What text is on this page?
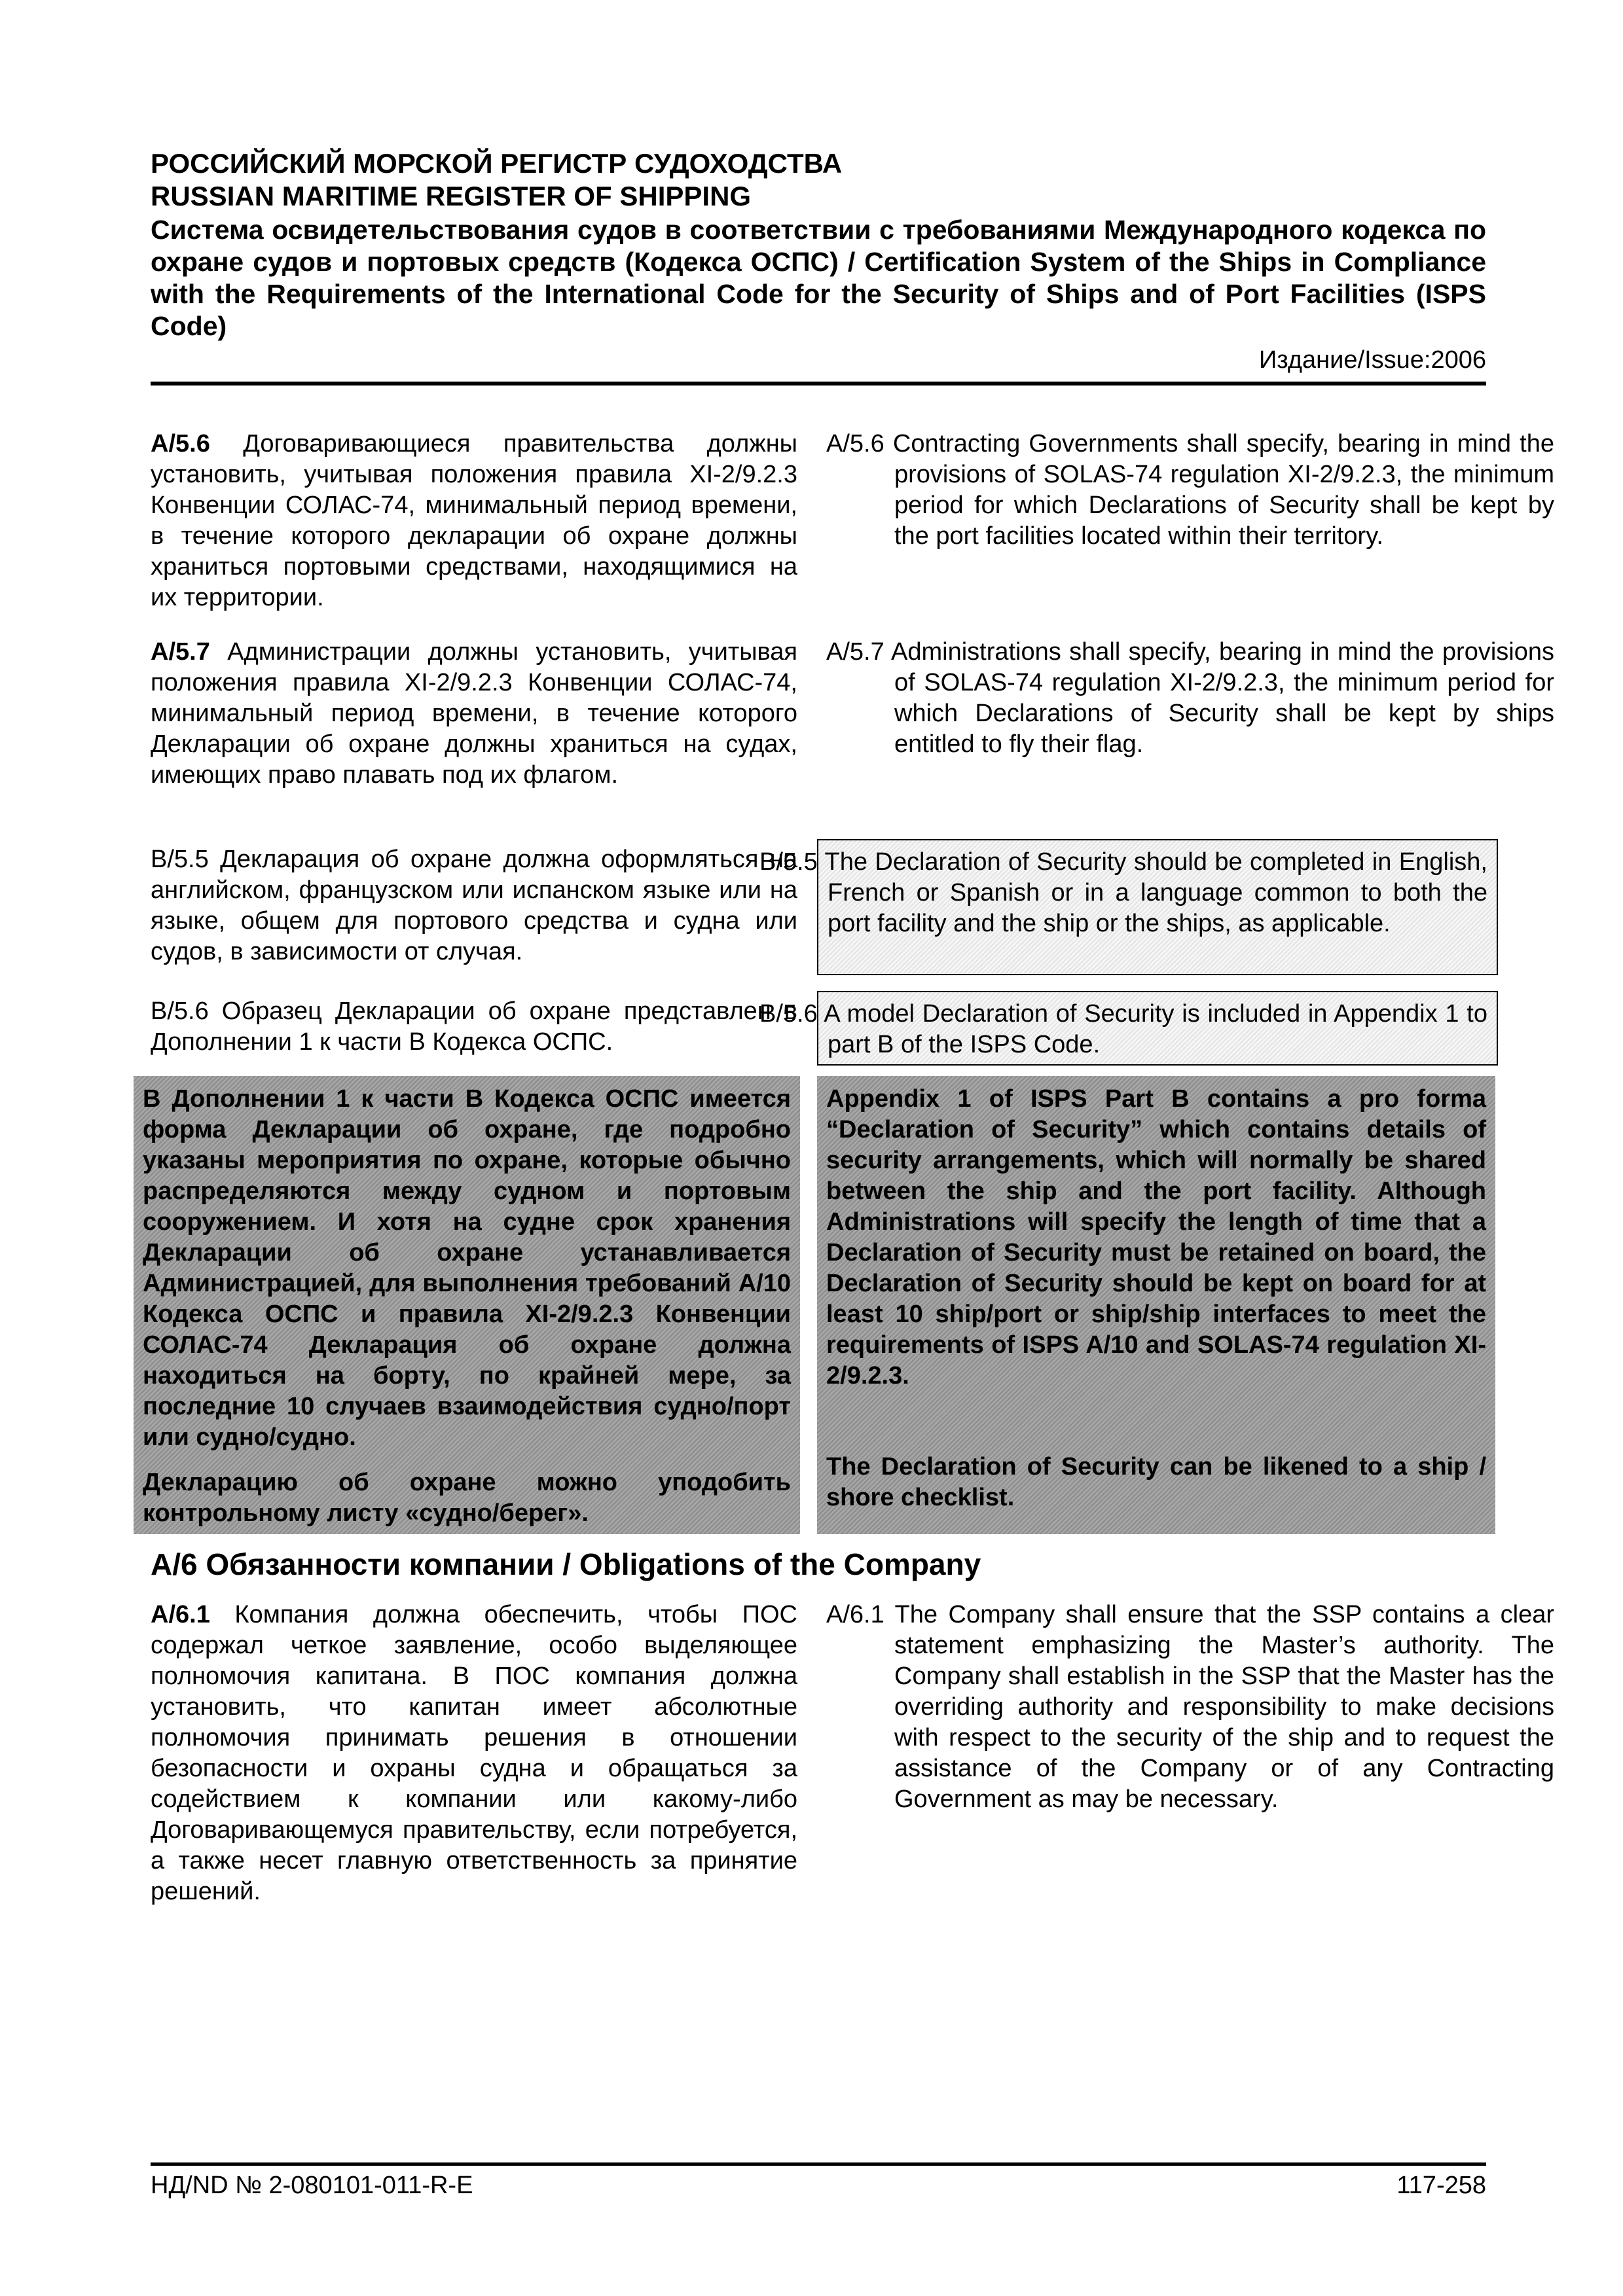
РОССИЙСКИЙ МОРСКОЙ РЕГИСТР СУДОХОДСТВА
RUSSIAN MARITIME REGISTER OF SHIPPING
Система освидетельствования судов в соответствии с требованиями Международного кодекса по охране судов и портовых средств (Кодекса ОСПС) / Certification System of the Ships in Compliance with the Requirements of the International Code for the Security of Ships and of Port Facilities (ISPS Code)
Издание/Issue:2006
А/5.6 Договаривающиеся правительства должны установить, учитывая положения правила XI-2/9.2.3 Конвенции СОЛАС-74, минимальный период времени, в течение которого декларации об охране должны храниться портовыми средствами, находящимися на их территории.
A/5.6 Contracting Governments shall specify, bearing in mind the provisions of SOLAS-74 regulation XI-2/9.2.3, the minimum period for which Declarations of Security shall be kept by the port facilities located within their territory.
А/5.7 Администрации должны установить, учитывая положения правила XI-2/9.2.3 Конвенции СОЛАС-74, минимальный период времени, в течение которого Декларации об охране должны храниться на судах, имеющих право плавать под их флагом.
A/5.7 Administrations shall specify, bearing in mind the provisions of SOLAS-74 regulation XI-2/9.2.3, the minimum period for which Declarations of Security shall be kept by ships entitled to fly their flag.
В/5.5 Декларация об охране должна оформляться на английском, французском или испанском языке или на языке, общем для портового средства и судна или судов, в зависимости от случая.
B/5.5 The Declaration of Security should be completed in English, French or Spanish or in a language common to both the port facility and the ship or the ships, as applicable.
В/5.6 Образец Декларации об охране представлен в Дополнении 1 к части В Кодекса ОСПС.
B/5.6 A model Declaration of Security is included in Appendix 1 to part B of the ISPS Code.

В Дополнении 1 к части В Кодекса ОСПС имеется форма Декларации об охране, где подробно указаны мероприятия по охране, которые обычно распределяются между судном и портовым сооружением. И хотя на судне срок хранения Декларации об охране устанавливается Администрацией, для выполнения требований А/10 Кодекса ОСПС и правила XI-2/9.2.3 Конвенции СОЛАС-74 Декларация об охране должна находиться на борту, по крайней мере, за последние 10 случаев взаимодействия судно/порт или судно/судно.

Декларацию об охране можно уподобить контрольному листу «судно/берег».

Appendix 1 of ISPS Part B contains a pro forma “Declaration of Security” which contains details of security arrangements, which will normally be shared between the ship and the port facility. Although Administrations will specify the length of time that a Declaration of Security must be retained on board, the Declaration of Security should be kept on board for at least 10 ship/port or ship/ship interfaces to meet the requirements of ISPS A/10 and SOLAS-74 regulation XI-2/9.2.3.

The Declaration of Security can be likened to a ship / shore checklist.

А/6 Обязанности компании / Obligations of the Company
А/6.1 Компания должна обеспечить, чтобы ПОС содержал четкое заявление, особо выделяющее полномочия капитана. В ПОС компания должна установить, что капитан имеет абсолютные полномочия принимать решения в отношении безопасности и охраны судна и обращаться за содействием к компании или какому-либо Договаривающемуся правительству, если потребуется, а также несет главную ответственность за принятие решений.
A/6.1 The Company shall ensure that the SSP contains a clear statement emphasizing the Master’s authority. The Company shall establish in the SSP that the Master has the overriding authority and responsibility to make decisions with respect to the security of the ship and to request the assistance of the Company or of any Contracting Government as may be necessary.
НД/ND № 2-080101-011-R-E	117-258
